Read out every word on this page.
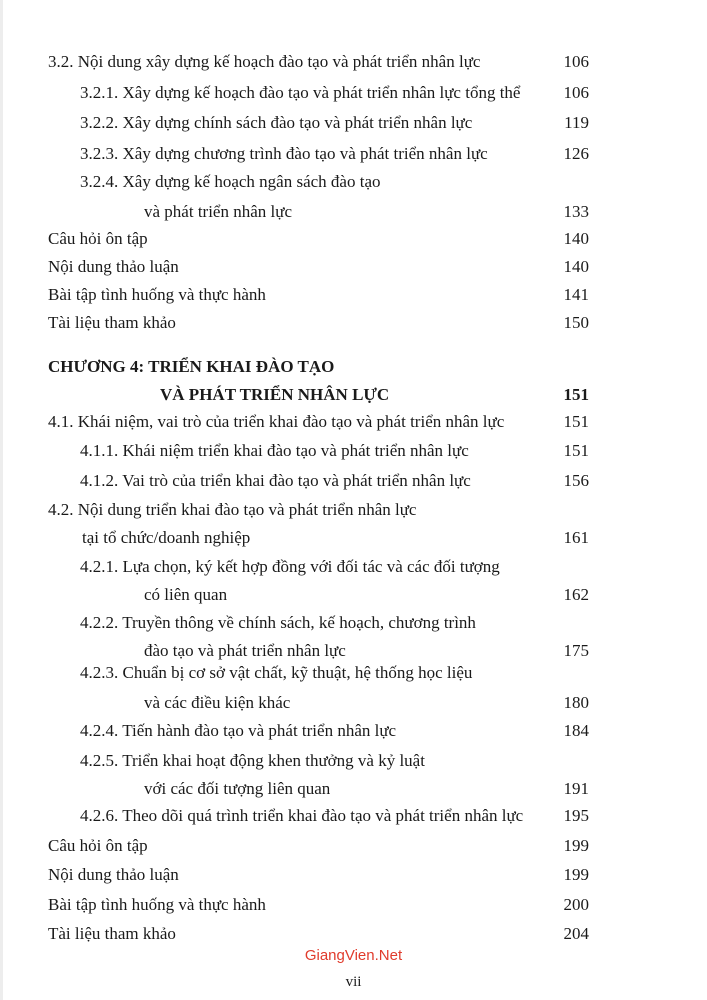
3.2. Nội dung xây dựng kế hoạch đào tạo và phát triển nhân lực	106
3.2.1. Xây dựng kế hoạch đào tạo và phát triển nhân lực tổng thể	106
3.2.2. Xây dựng chính sách đào tạo và phát triển nhân lực	119
3.2.3. Xây dựng chương trình đào tạo và phát triển nhân lực	126
3.2.4. Xây dựng kế hoạch ngân sách đào tạo
và phát triển nhân lực	133
Câu hỏi ôn tập	140
Nội dung thảo luận	140
Bài tập tình huống và thực hành	141
Tài liệu tham khảo	150
CHƯƠNG 4: TRIỂN KHAI ĐÀO TẠO
VÀ PHÁT TRIỂN NHÂN LỰC	151
4.1. Khái niệm, vai trò của triển khai đào tạo và phát triển nhân lực	151
4.1.1. Khái niệm triển khai đào tạo và phát triển nhân lực	151
4.1.2. Vai trò của triển khai đào tạo và phát triển nhân lực	156
4.2. Nội dung triển khai đào tạo và phát triển nhân lực
tại tổ chức/doanh nghiệp	161
4.2.1. Lựa chọn, ký kết hợp đồng với đối tác và các đối tượng
có liên quan	162
4.2.2. Truyền thông về chính sách, kế hoạch, chương trình
đào tạo và phát triển nhân lực	175
4.2.3. Chuẩn bị cơ sở vật chất, kỹ thuật, hệ thống học liệu
và các điều kiện khác	180
4.2.4. Tiến hành đào tạo và phát triển nhân lực	184
4.2.5. Triển khai hoạt động khen thưởng và kỷ luật
với các đối tượng liên quan	191
4.2.6. Theo dõi quá trình triển khai đào tạo và phát triển nhân lực	195
Câu hỏi ôn tập	199
Nội dung thảo luận	199
Bài tập tình huống và thực hành	200
Tài liệu tham khảo	204
GiangVien.Net
vii
